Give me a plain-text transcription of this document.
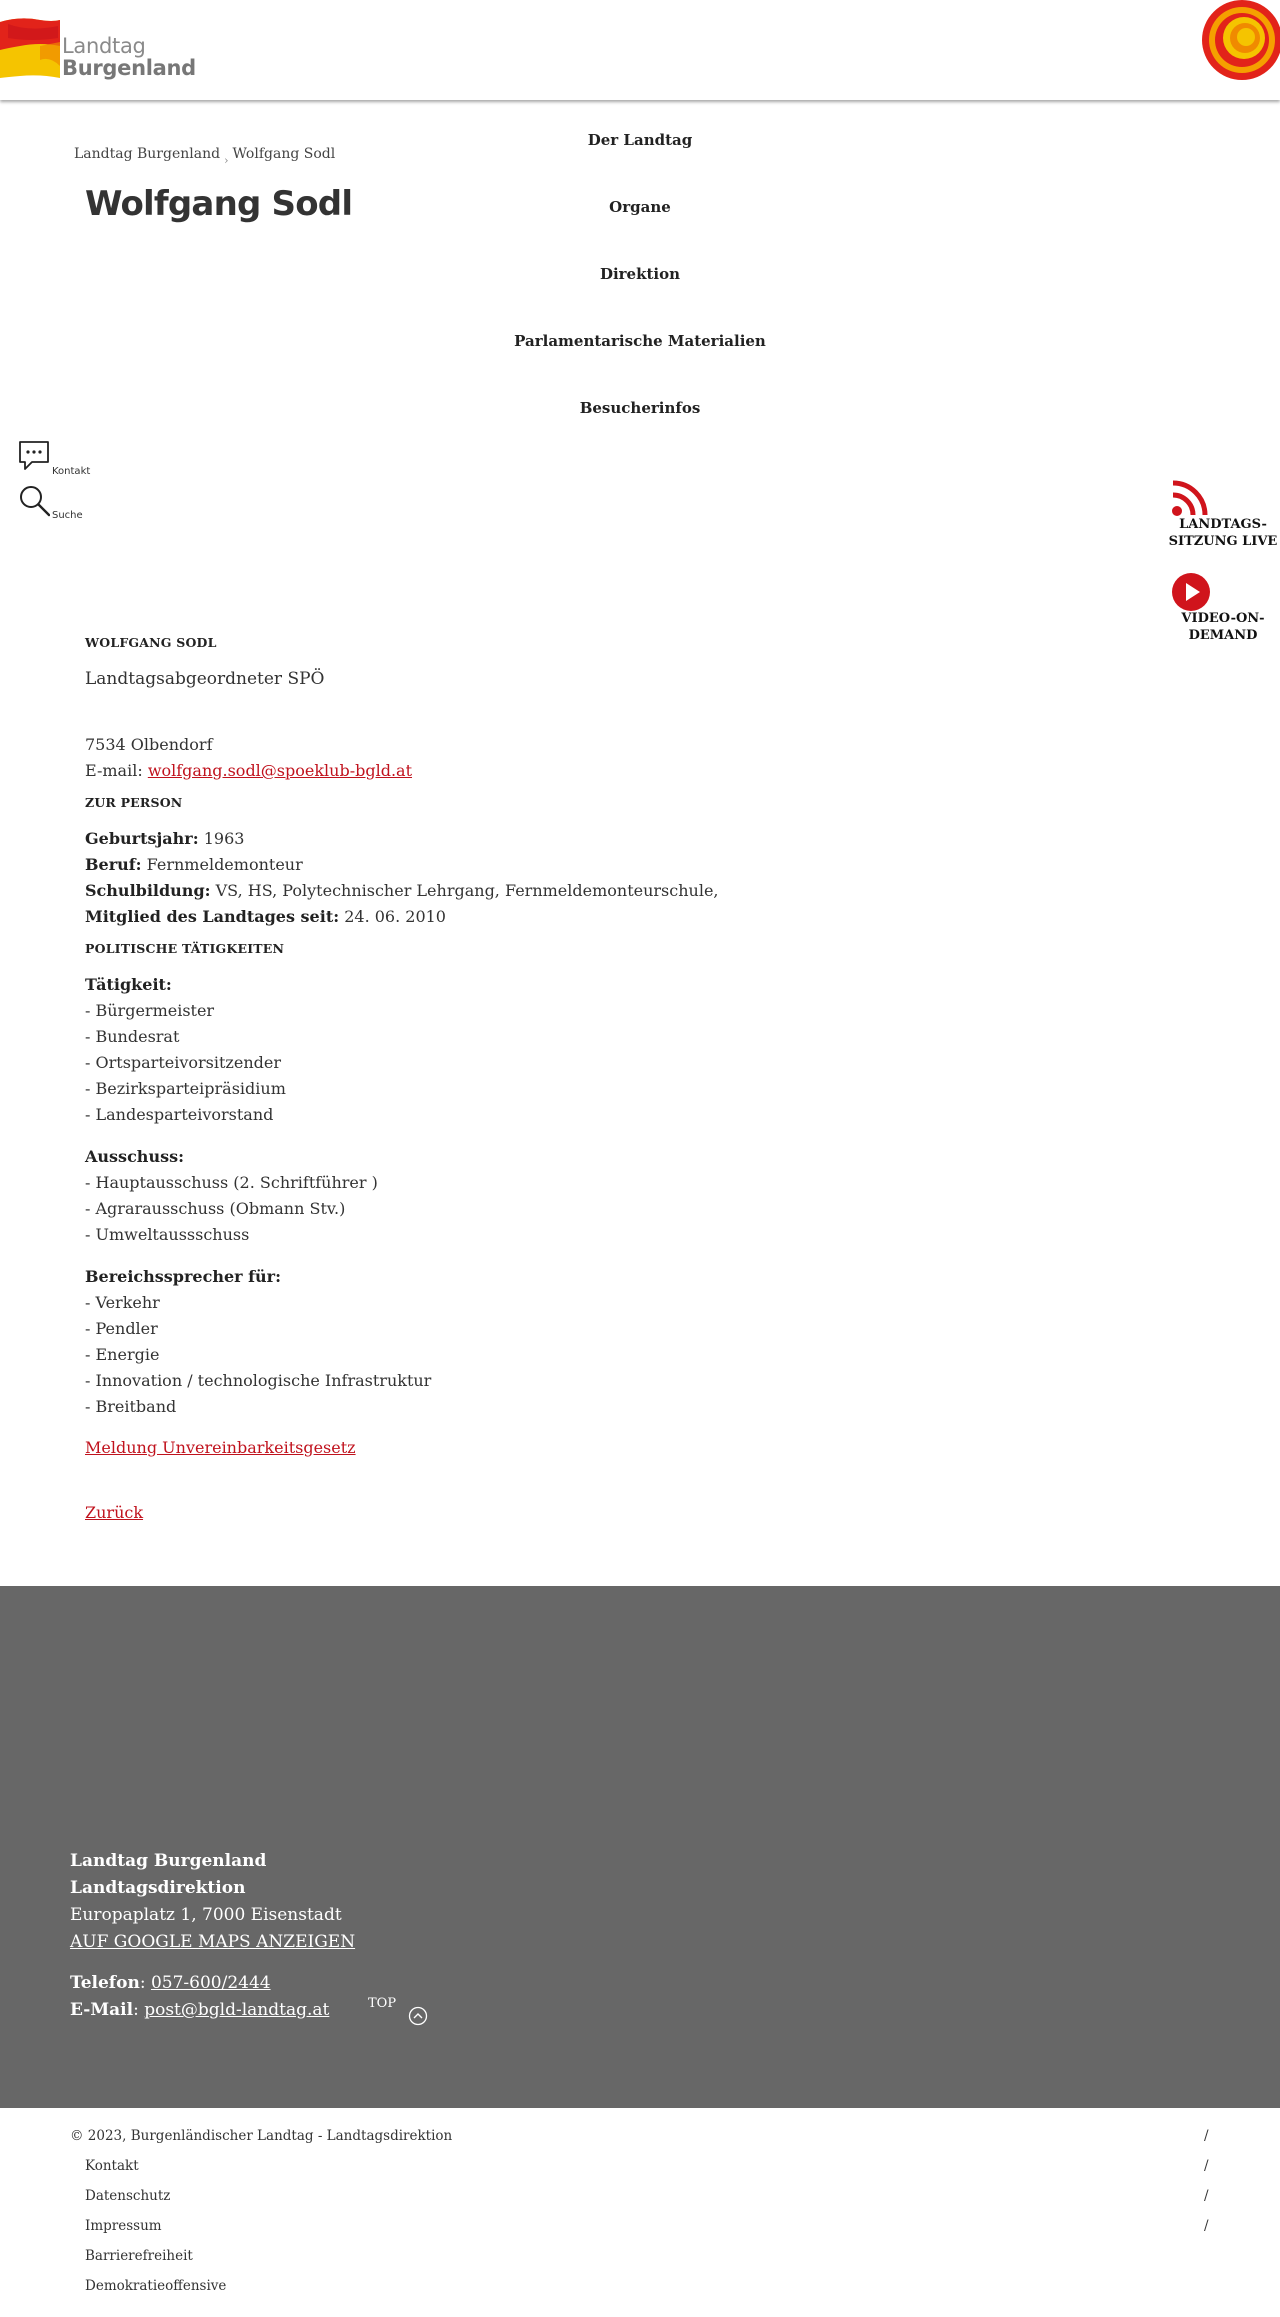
Landtag
Burgenland
Landtag Burgenland › Wolfgang Sodl
Wolfgang Sodl
Der Landtag
Organe
Direktion
Parlamentarische Materialien
Besucherinfos
Kontakt
Suche
LANDTAGS-
SITZUNG LIVE
VIDEO-ON-
DEMAND
WOLFGANG SODL
Landtagsabgeordneter SPÖ
7534 Olbendorf
E-mail: wolfgang.sodl@spoeklub-bgld.at
ZUR PERSON
Geburtsjahr: 1963
Beruf: Fernmeldemonteur
Schulbildung: VS, HS, Polytechnischer Lehrgang, Fernmeldemonteurschule,
Mitglied des Landtages seit: 24. 06. 2010
POLITISCHE TÄTIGKEITEN
Tätigkeit:
- Bürgermeister
- Bundesrat
- Ortsparteivorsitzender
- Bezirksparteipräsidium
- Landesparteivorstand
Ausschuss:
- Hauptausschuss (2. Schriftführer )
- Agrarausschuss (Obmann Stv.)
- Umweltaussschuss
Bereichssprecher für:
- Verkehr
- Pendler
- Energie
- Innovation / technologische Infrastruktur
- Breitband
Meldung Unvereinbarkeitsgesetz
Zurück
Landtag Burgenland
Landtagsdirektion
Europaplatz 1, 7000 Eisenstadt
AUF GOOGLE MAPS ANZEIGEN
Telefon: 057-600/2444
E-Mail: post@bgld-landtag.at	TOP
© 2023, Burgenländischer Landtag - Landtagsdirektion	/
Kontakt	/
Datenschutz	/
Impressum	/
Barrierefreiheit
Demokratieoffensive
